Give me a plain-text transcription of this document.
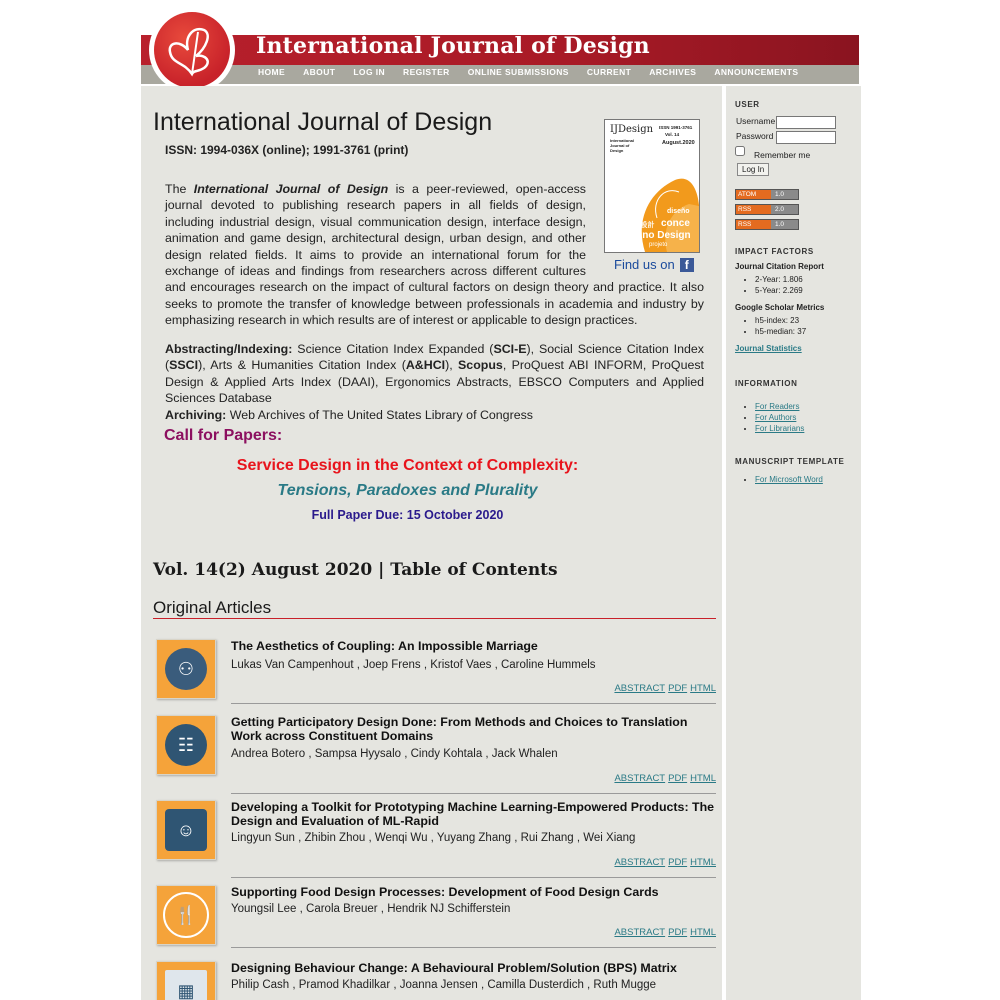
International Journal of Design
HOME ABOUT LOG IN REGISTER ONLINE SUBMISSIONS CURRENT ARCHIVES ANNOUNCEMENTS
International Journal of Design
ISSN: 1994-036X (online); 1991-3761 (print)
IJDesign ISSN 1991-3761
Vol. 14
August.2020
International Journal of Design
diseño
デザイン 設計 conce
segno Design
projeto
Find us on f
The International Journal of Design is a peer-reviewed, open-access journal devoted to publishing research papers in all fields of design, including industrial design, visual communication design, interface design, animation and game design, architectural design, urban design, and other design related fields. It aims to provide an international forum for the exchange of ideas and findings from researchers across different cultures and encourages research on the impact of cultural factors on design theory and practice. It also seeks to promote the transfer of knowledge between professionals in academia and industry by emphasizing research in which results are of interest or applicable to design practices.
Abstracting/Indexing: Science Citation Index Expanded (SCI-E), Social Science Citation Index (SSCI), Arts & Humanities Citation Index (A&HCI), Scopus, ProQuest ABI INFORM, ProQuest Design & Applied Arts Index (DAAI), Ergonomics Abstracts, EBSCO Computers and Applied Sciences Database
Archiving: Web Archives of The United States Library of Congress
Call for Papers:
Service Design in the Context of Complexity:
Tensions, Paradoxes and Plurality
Full Paper Due: 15 October 2020
Vol. 14(2) August 2020 | Table of Contents
Original Articles
⚇
The Aesthetics of Coupling: An Impossible Marriage
Lukas Van Campenhout , Joep Frens , Kristof Vaes , Caroline Hummels
ABSTRACT PDF HTML
☷
Getting Participatory Design Done: From Methods and Choices to Translation Work across Constituent Domains
Andrea Botero , Sampsa Hyysalo , Cindy Kohtala , Jack Whalen
ABSTRACT PDF HTML
☺
Developing a Toolkit for Prototyping Machine Learning-Empowered Products: The Design and Evaluation of ML-Rapid
Lingyun Sun , Zhibin Zhou , Wenqi Wu , Yuyang Zhang , Rui Zhang , Wei Xiang
ABSTRACT PDF HTML
🍴
Supporting Food Design Processes: Development of Food Design Cards
Youngsil Lee , Carola Breuer , Hendrik NJ Schifferstein
ABSTRACT PDF HTML
▦
Designing Behaviour Change: A Behavioural Problem/Solution (BPS) Matrix
Philip Cash , Pramod Khadilkar , Joanna Jensen , Camilla Dusterdich , Ruth Mugge
USER
Username
Password
Remember me
Log In
ATOM	1.0
RSS	2.0
RSS	1.0
IMPACT FACTORS
Journal Citation Report
• 2-Year: 1.806
• 5-Year: 2.269
Google Scholar Metrics
• h5-index: 23
• h5-median: 37
Journal Statistics
INFORMATION
• For Readers
• For Authors
• For Librarians
MANUSCRIPT TEMPLATE
• For Microsoft Word
